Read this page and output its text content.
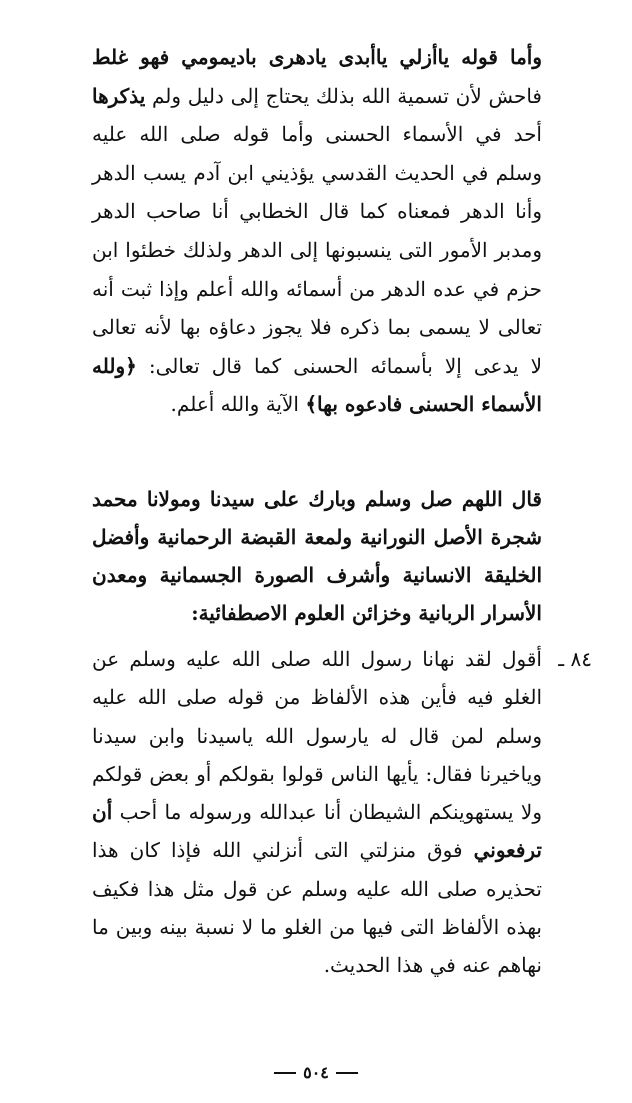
وأما قوله ياأزلي ياأبدى يادهرى باديمومي فهو غلط فاحش لأن تسمية الله بذلك يحتاج إلى دليل ولم يذكرها أحد في الأسماء الحسنى وأما قوله صلى الله عليه وسلم في الحديث القدسي يؤذيني ابن آدم يسب الدهر وأنا الدهر فمعناه كما قال الخطابي أنا صاحب الدهر ومدبر الأمور التى ينسبونها إلى الدهر ولذلك خطئوا ابن حزم في عده الدهر من أسمائه والله أعلم وإذا ثبت أنه تعالى لا يسمى بما ذكره فلا يجوز دعاؤه بها لأنه تعالى لا يدعى إلا بأسمائه الحسنى كما قال تعالى: ﴿ولله الأسماء الحسنى فادعوه بها﴾ الآية والله أعلم.

قال اللهم صل وسلم وبارك على سيدنا ومولانا محمد شجرة الأصل النورانية ولمعة القبضة الرحمانية وأفضل الخليقة الانسانية وأشرف الصورة الجسمانية ومعدن الأسرار الربانية وخزائن العلوم الاصطفائية:

٨٤ ـ

أقول لقد نهانا رسول الله صلى الله عليه وسلم عن الغلو فيه فأين هذه الألفاظ من قوله صلى الله عليه وسلم لمن قال له يارسول الله ياسيدنا وابن سيدنا وياخيرنا فقال: يأيها الناس قولوا بقولكم أو بعض قولكم ولا يستهوينكم الشيطان أنا عبدالله ورسوله ما أحب أن ترفعوني فوق منزلتي التى أنزلني الله فإذا كان هذا تحذيره صلى الله عليه وسلم عن قول مثل هذا فكيف بهذه الألفاظ التى فيها من الغلو ما لا نسبة بينه وبين ما نهاهم عنه في هذا الحديث.

٥٠٤
